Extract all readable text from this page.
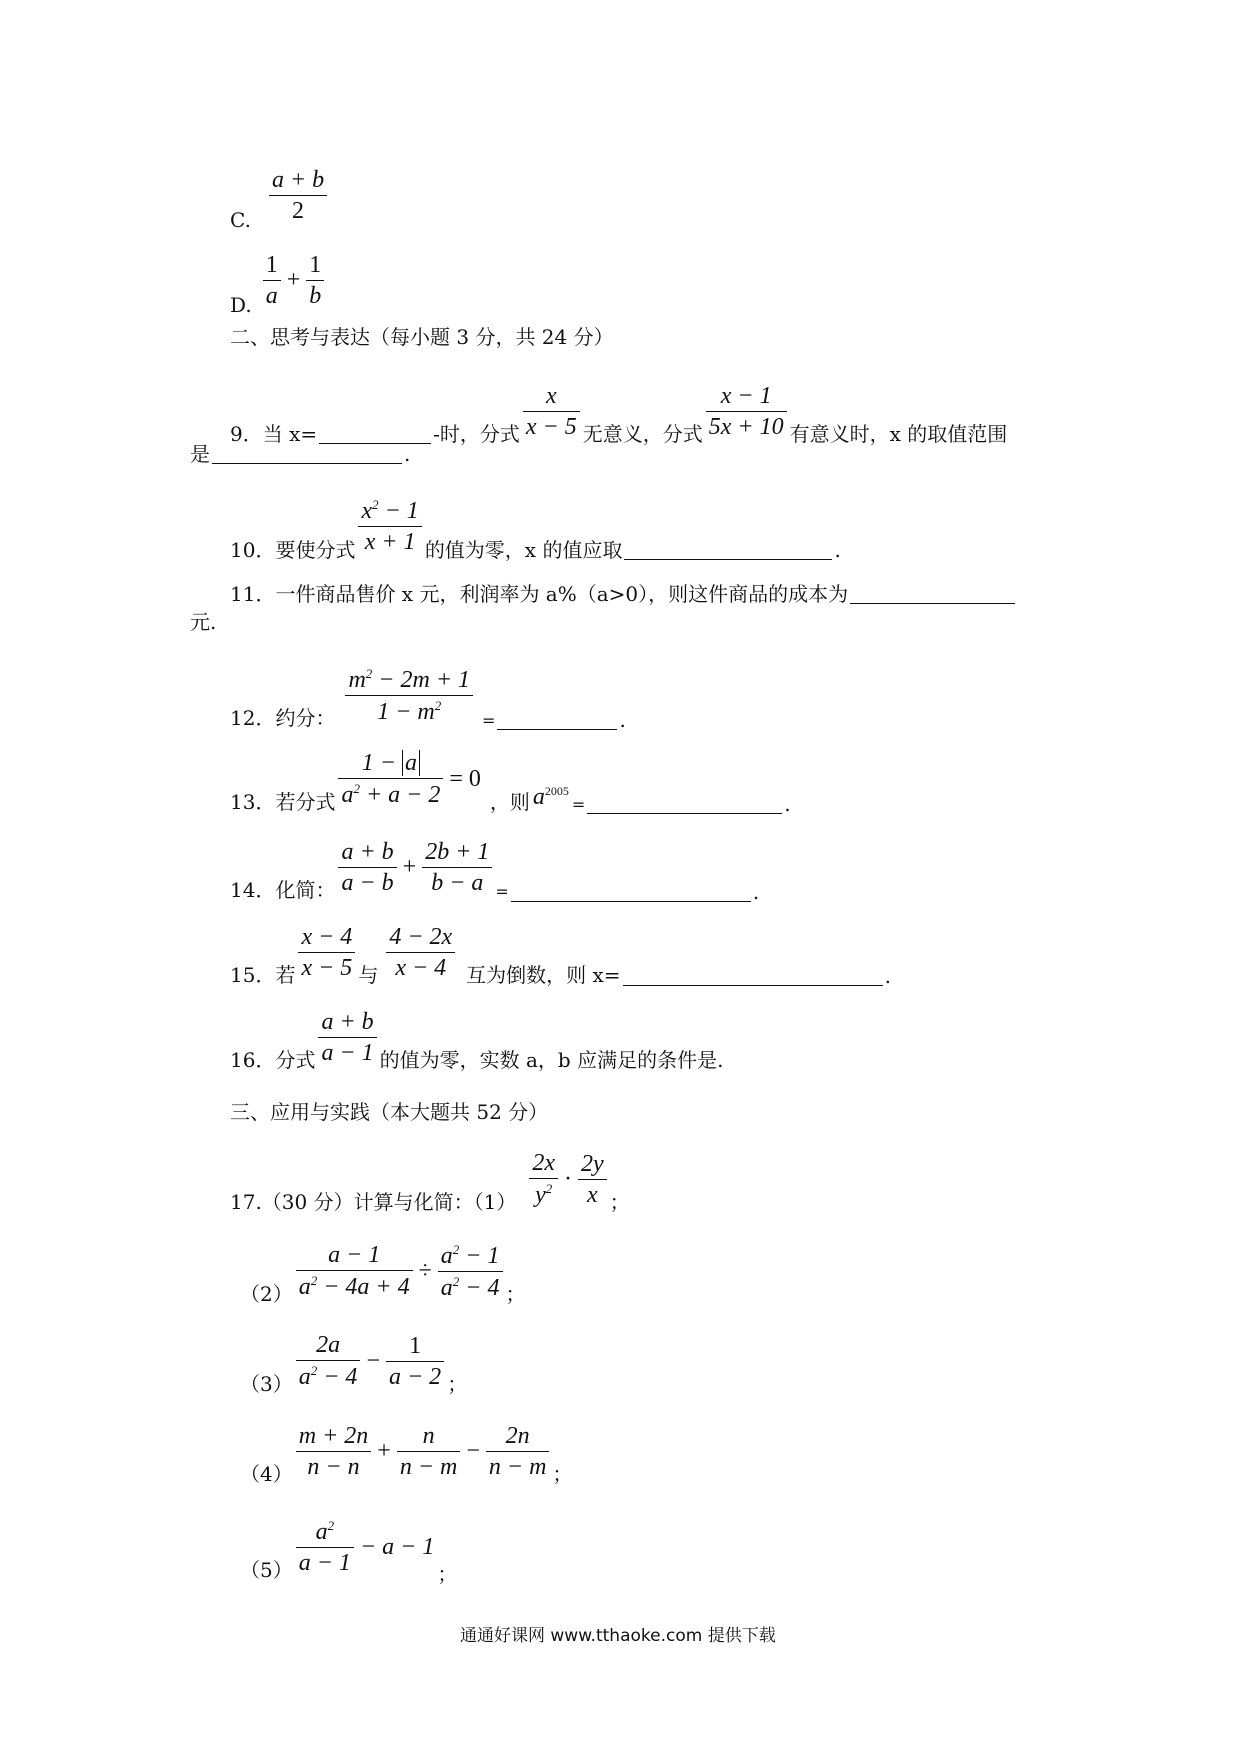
C. $\frac{a + b}{2}$
D. $\frac{1}{a} + \frac{1}{b}$
二、思考与表达（每小题 3 分，共 24 分）
9．当 x=	-时，分式 $\frac{x}{x - 5}$ 无意义，分式 $\frac{x - 1}{5x + 10}$ 有意义时，x 的取值范围
是	.
10．要使分式 $\frac{x^2 - 1}{x + 1}$ 的值为零，x 的值应取	.
11．一件商品售价 x 元，利润率为 a%（a>0），则这件商品的成本为
元.
12．约分： $\frac{m^2 - 2m + 1}{1 - m^2}$ =	.
13．若分式 $\frac{1 - a}{a^2 + a - 2} = 0$
，则 $a^{2005}$
=	.
14．化简： $\frac{a + b}{a - b} + \frac{2b + 1}{b - a}$ =	.
15．若 $\frac{x - 4}{x - 5}$ 与 $\frac{4 - 2x}{x - 4}$ 互为倒数，则 x=	.
16．分式 $\frac{a + b}{a - 1}$ 的值为零，实数 a，b 应满足的条件是.
三、应用与实践（本大题共 52 分）
17.（30 分）计算与化简：$(1) \frac{2x}{y^2} \cdot \frac{2y}{x}$ ；
$(2) \frac{a - 1}{a^2 - 4a + 4} \div \frac{a^2 - 1}{a^2 - 4}$ ；
$(3) \frac{2a}{a^2 - 4} - \frac{1}{a - 2}$ ；
$(4) \frac{m + 2n}{n - n} + \frac{n}{n - m} - \frac{2n}{n - m}$ ；
$(5) \frac{a^2}{a - 1} - a - 1$
；
通通好课网 www.tthaoke.com 提供下载
